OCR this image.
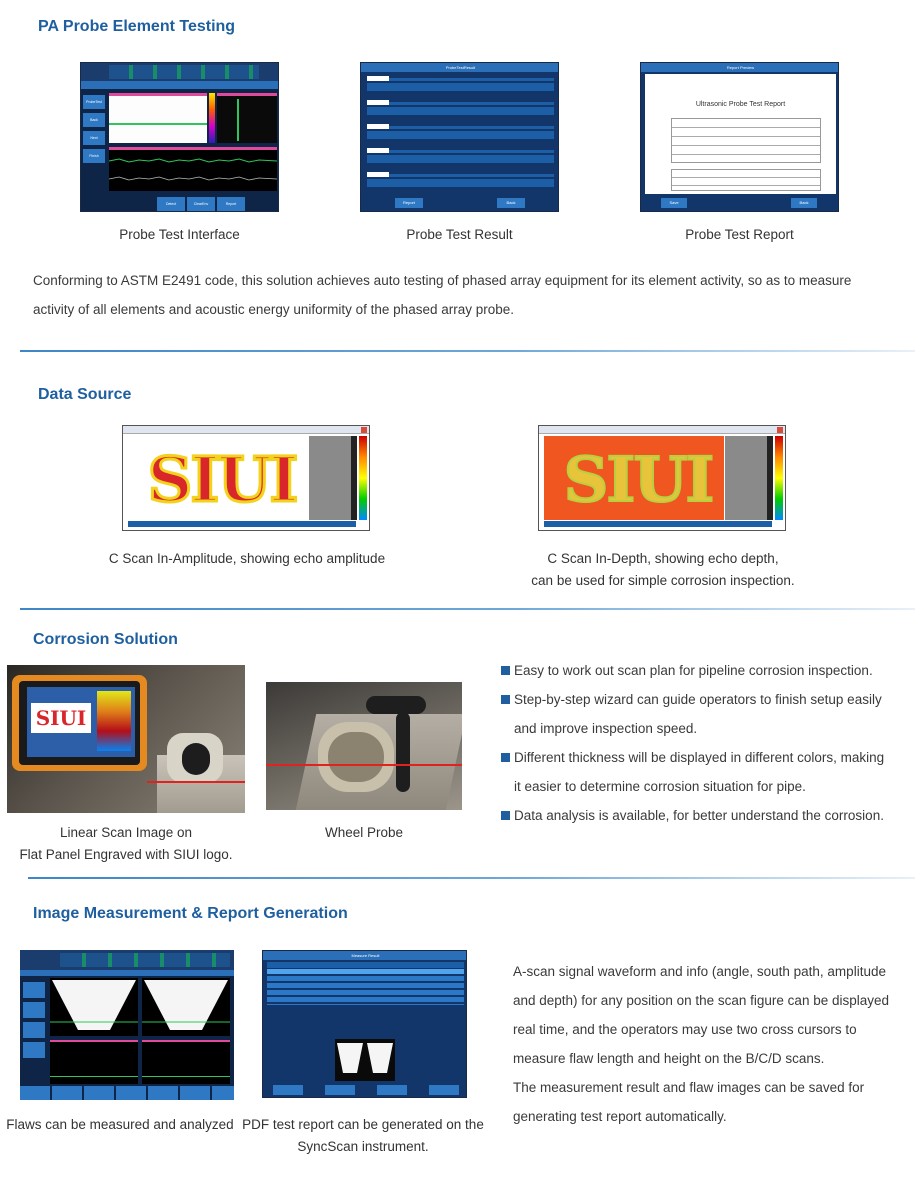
PA Probe Element Testing
ProbeTest
Back
Next
Finish
Detect	ClearEnv	Report
ProbeTestResult
Report	Back
Report Preview
Ultrasonic Probe Test Report
Save	Back
Probe Test Interface	Probe Test Result	Probe Test Report
Conforming to ASTM E2491 code, this solution achieves auto testing of phased array equipment for its element activity, so as to measure
activity of all elements and acoustic energy uniformity of the phased array probe.
Data Source
SIUI	SIUI
C Scan In-Amplitude, showing echo amplitude	C Scan In-Depth, showing echo depth,
can be used for simple corrosion inspection.
Corrosion Solution
SIUI
Linear Scan Image on
Flat Panel Engraved with SIUI logo.
Wheel Probe
Easy to work out scan plan for pipeline corrosion inspection.
Step-by-step wizard can guide operators to finish setup easily
and improve inspection speed.
Different thickness will be displayed in different colors, making
it easier to determine corrosion situation for pipe.
Data analysis is available, for better understand the corrosion.
Image Measurement & Report Generation
Measure Result
Flaws can be measured and analyzed PDF test report can be generated on the
SyncScan instrument.
A-scan signal waveform and info (angle, south path, amplitude
and depth) for any position on the scan figure can be displayed
real time, and the operators may use two cross cursors to
measure flaw length and height on the B/C/D scans.
The measurement result and flaw images can be saved for
generating test report automatically.
